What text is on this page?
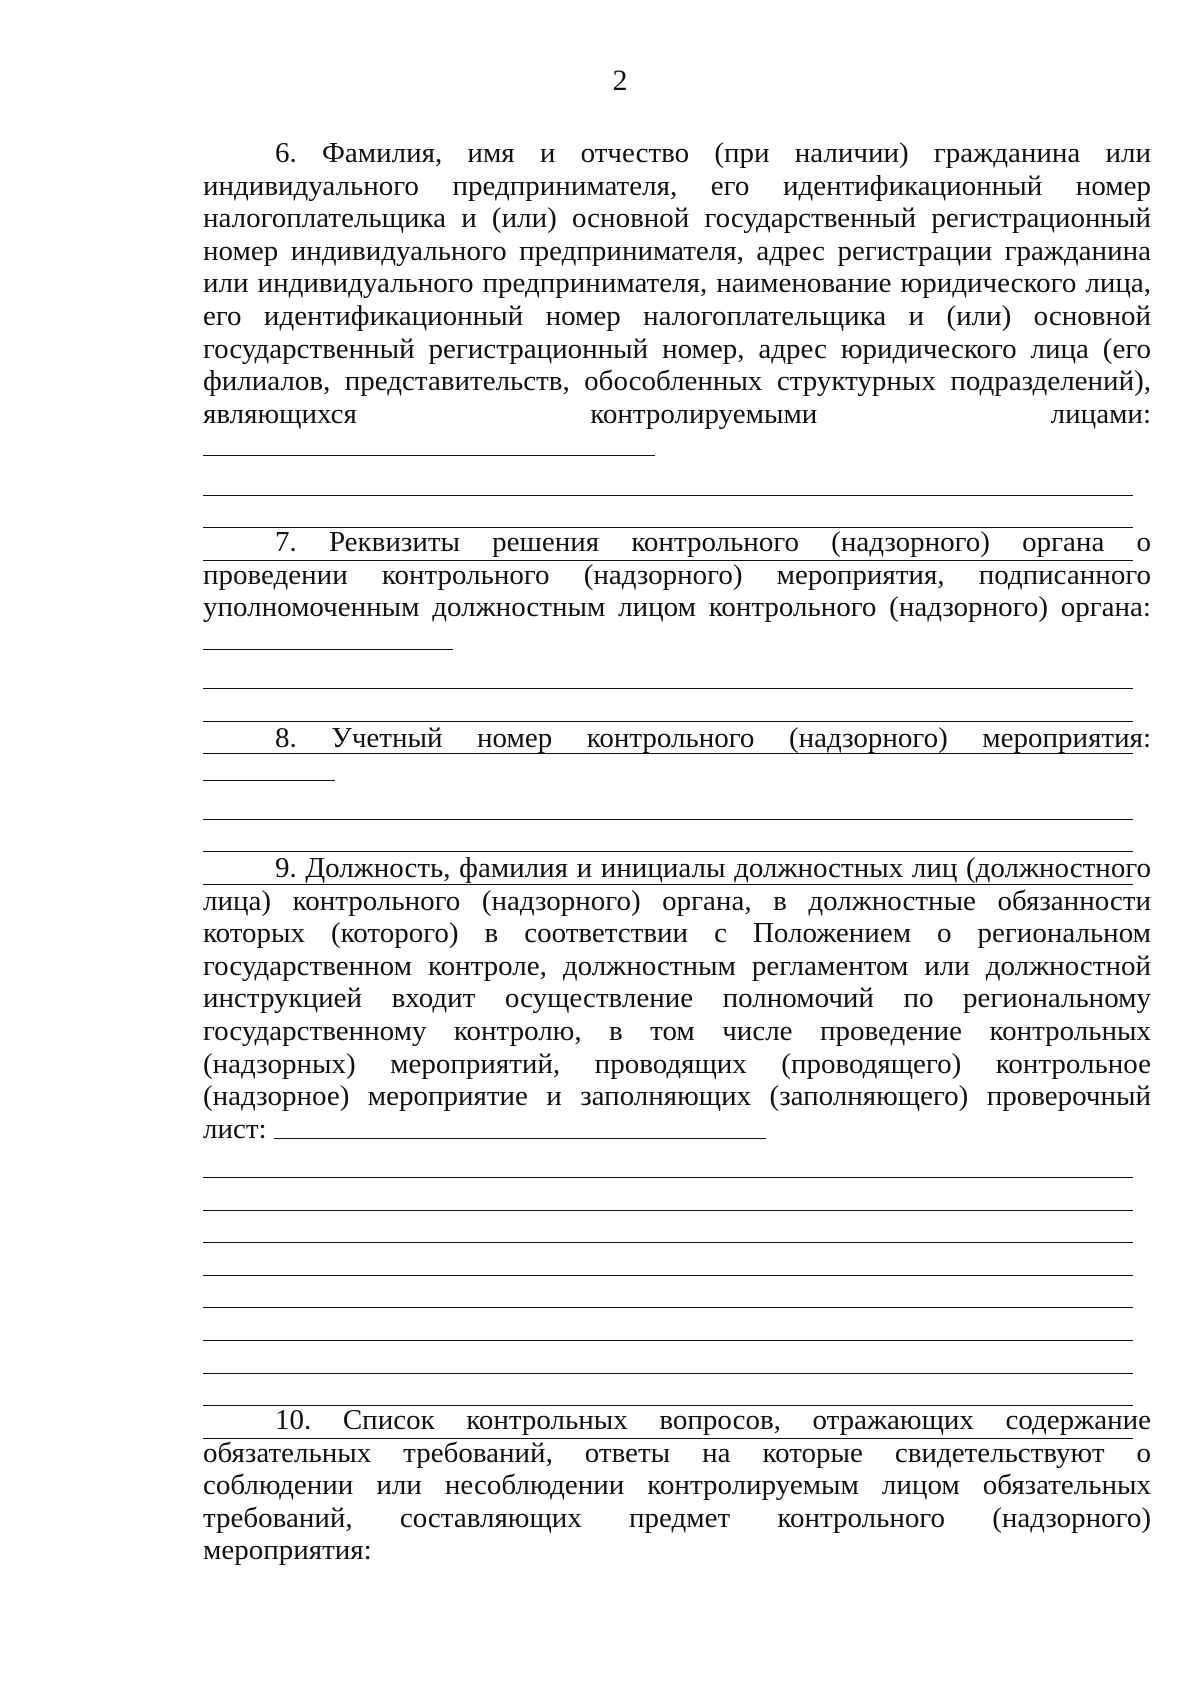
2

6. Фамилия, имя и отчество (при наличии) гражданина или индивидуального предпринимателя, его идентификационный номер налогоплательщика и (или) основной государственный регистрационный номер индивидуального предпринимателя, адрес регистрации гражданина или индивидуального предпринимателя, наименование юридического лица, его идентификационный номер налогоплательщика и (или) основной государственный регистрационный номер, адрес юридического лица (его филиалов, представительств, обособленных структурных подразделений), являющихся контролируемыми лицами:

7. Реквизиты решения контрольного (надзорного) органа о проведении контрольного (надзорного) мероприятия, подписанного уполномоченным должностным лицом контрольного (надзорного) органа:

8. Учетный номер контрольного (надзорного) мероприятия:

9. Должность, фамилия и инициалы должностных лиц (должностного лица) контрольного (надзорного) органа, в должностные обязанности которых (которого) в соответствии с Положением о региональном государственном контроле, должностным регламентом или должностной инструкцией входит осуществление полномочий по региональному государственному контролю, в том числе проведение контрольных (надзорных) мероприятий, проводящих (проводящего) контрольное (надзорное) мероприятие и заполняющих (заполняющего) проверочный лист:

10. Список контрольных вопросов, отражающих содержание обязательных требований, ответы на которые свидетельствуют о соблюдении или несоблюдении контролируемым лицом обязательных требований, составляющих предмет контрольного (надзорного) мероприятия:
